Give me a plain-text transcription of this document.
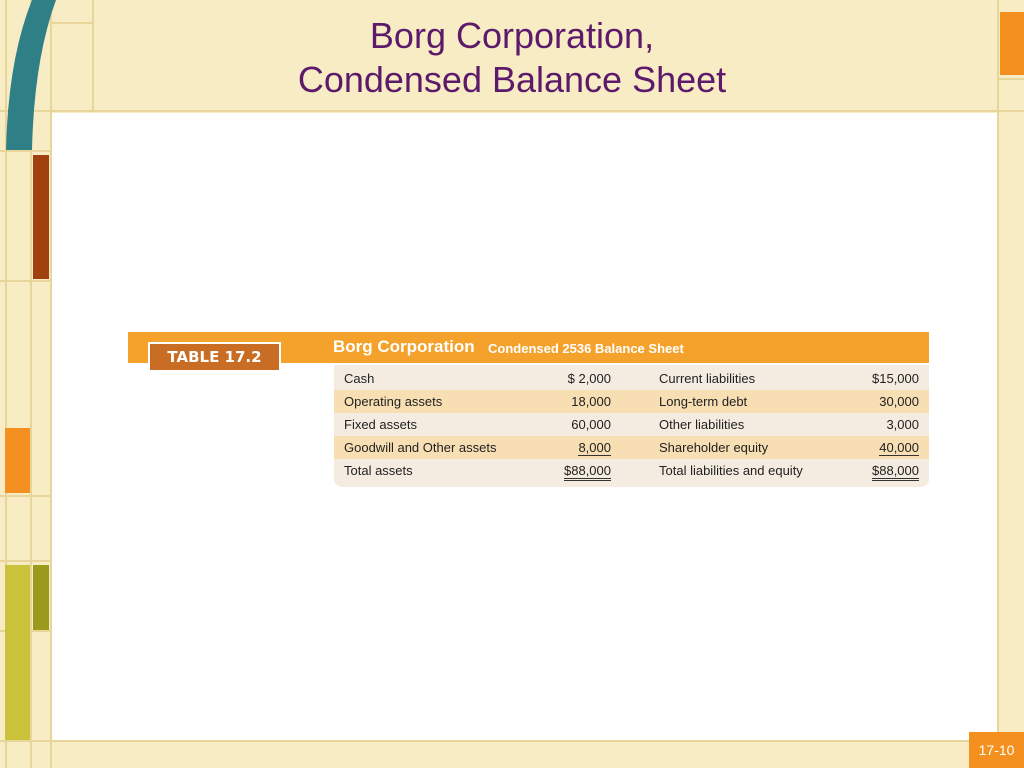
Borg Corporation,
Condensed Balance Sheet
TABLE 17.2
Borg Corporation Condensed 2536 Balance Sheet
Cash	$ 2,000	Current liabilities	$15,000
Operating assets	18,000	Long-term debt	30,000
Fixed assets	60,000	Other liabilities	3,000
Goodwill and Other assets	8,000	Shareholder equity	40,000
Total assets	$88,000	Total liabilities and equity	$88,000
17-10
